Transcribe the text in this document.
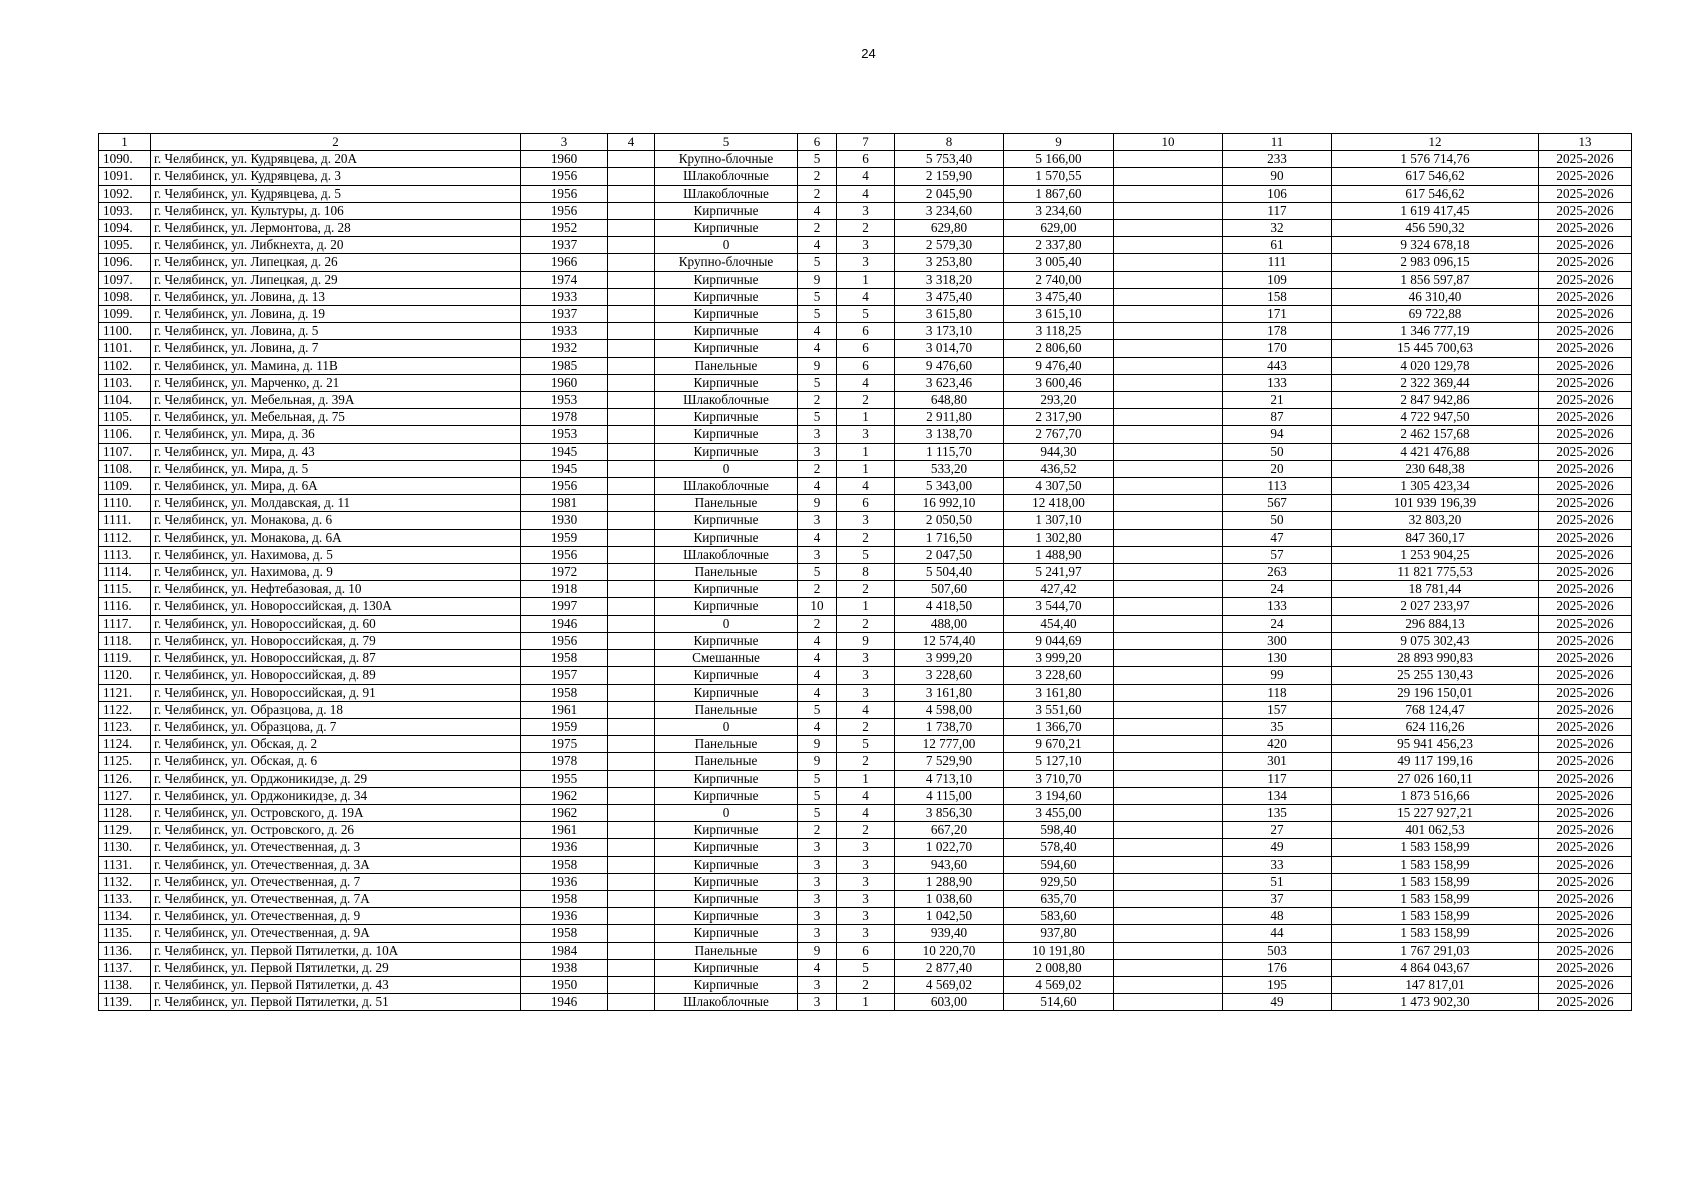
24
1	2	3	4	5	6	7	8	9	10	11	12	13
1090.	г. Челябинск, ул. Кудрявцева, д. 20А	1960		Крупно-блочные	5	6	5 753,40	5 166,00		233	1 576 714,76	2025-2026
1091.	г. Челябинск, ул. Кудрявцева, д. 3	1956		Шлакоблочные	2	4	2 159,90	1 570,55		90	617 546,62	2025-2026
1092.	г. Челябинск, ул. Кудрявцева, д. 5	1956		Шлакоблочные	2	4	2 045,90	1 867,60		106	617 546,62	2025-2026
1093.	г. Челябинск, ул. Культуры, д. 106	1956		Кирпичные	4	3	3 234,60	3 234,60		117	1 619 417,45	2025-2026
1094.	г. Челябинск, ул. Лермонтова, д. 28	1952		Кирпичные	2	2	629,80	629,00		32	456 590,32	2025-2026
1095.	г. Челябинск, ул. Либкнехта, д. 20	1937		0	4	3	2 579,30	2 337,80		61	9 324 678,18	2025-2026
1096.	г. Челябинск, ул. Липецкая, д. 26	1966		Крупно-блочные	5	3	3 253,80	3 005,40		111	2 983 096,15	2025-2026
1097.	г. Челябинск, ул. Липецкая, д. 29	1974		Кирпичные	9	1	3 318,20	2 740,00		109	1 856 597,87	2025-2026
1098.	г. Челябинск, ул. Ловина, д. 13	1933		Кирпичные	5	4	3 475,40	3 475,40		158	46 310,40	2025-2026
1099.	г. Челябинск, ул. Ловина, д. 19	1937		Кирпичные	5	5	3 615,80	3 615,10		171	69 722,88	2025-2026
1100.	г. Челябинск, ул. Ловина, д. 5	1933		Кирпичные	4	6	3 173,10	3 118,25		178	1 346 777,19	2025-2026
1101.	г. Челябинск, ул. Ловина, д. 7	1932		Кирпичные	4	6	3 014,70	2 806,60		170	15 445 700,63	2025-2026
1102.	г. Челябинск, ул. Мамина, д. 11В	1985		Панельные	9	6	9 476,60	9 476,40		443	4 020 129,78	2025-2026
1103.	г. Челябинск, ул. Марченко, д. 21	1960		Кирпичные	5	4	3 623,46	3 600,46		133	2 322 369,44	2025-2026
1104.	г. Челябинск, ул. Мебельная, д. 39А	1953		Шлакоблочные	2	2	648,80	293,20		21	2 847 942,86	2025-2026
1105.	г. Челябинск, ул. Мебельная, д. 75	1978		Кирпичные	5	1	2 911,80	2 317,90		87	4 722 947,50	2025-2026
1106.	г. Челябинск, ул. Мира, д. 36	1953		Кирпичные	3	3	3 138,70	2 767,70		94	2 462 157,68	2025-2026
1107.	г. Челябинск, ул. Мира, д. 43	1945		Кирпичные	3	1	1 115,70	944,30		50	4 421 476,88	2025-2026
1108.	г. Челябинск, ул. Мира, д. 5	1945		0	2	1	533,20	436,52		20	230 648,38	2025-2026
1109.	г. Челябинск, ул. Мира, д. 6А	1956		Шлакоблочные	4	4	5 343,00	4 307,50		113	1 305 423,34	2025-2026
1110.	г. Челябинск, ул. Молдавская, д. 11	1981		Панельные	9	6	16 992,10	12 418,00		567	101 939 196,39	2025-2026
1111.	г. Челябинск, ул. Монакова, д. 6	1930		Кирпичные	3	3	2 050,50	1 307,10		50	32 803,20	2025-2026
1112.	г. Челябинск, ул. Монакова, д. 6А	1959		Кирпичные	4	2	1 716,50	1 302,80		47	847 360,17	2025-2026
1113.	г. Челябинск, ул. Нахимова, д. 5	1956		Шлакоблочные	3	5	2 047,50	1 488,90		57	1 253 904,25	2025-2026
1114.	г. Челябинск, ул. Нахимова, д. 9	1972		Панельные	5	8	5 504,40	5 241,97		263	11 821 775,53	2025-2026
1115.	г. Челябинск, ул. Нефтебазовая, д. 10	1918		Кирпичные	2	2	507,60	427,42		24	18 781,44	2025-2026
1116.	г. Челябинск, ул. Новороссийская, д. 130А	1997		Кирпичные	10	1	4 418,50	3 544,70		133	2 027 233,97	2025-2026
1117.	г. Челябинск, ул. Новороссийская, д. 60	1946		0	2	2	488,00	454,40		24	296 884,13	2025-2026
1118.	г. Челябинск, ул. Новороссийская, д. 79	1956		Кирпичные	4	9	12 574,40	9 044,69		300	9 075 302,43	2025-2026
1119.	г. Челябинск, ул. Новороссийская, д. 87	1958		Смешанные	4	3	3 999,20	3 999,20		130	28 893 990,83	2025-2026
1120.	г. Челябинск, ул. Новороссийская, д. 89	1957		Кирпичные	4	3	3 228,60	3 228,60		99	25 255 130,43	2025-2026
1121.	г. Челябинск, ул. Новороссийская, д. 91	1958		Кирпичные	4	3	3 161,80	3 161,80		118	29 196 150,01	2025-2026
1122.	г. Челябинск, ул. Образцова, д. 18	1961		Панельные	5	4	4 598,00	3 551,60		157	768 124,47	2025-2026
1123.	г. Челябинск, ул. Образцова, д. 7	1959		0	4	2	1 738,70	1 366,70		35	624 116,26	2025-2026
1124.	г. Челябинск, ул. Обская, д. 2	1975		Панельные	9	5	12 777,00	9 670,21		420	95 941 456,23	2025-2026
1125.	г. Челябинск, ул. Обская, д. 6	1978		Панельные	9	2	7 529,90	5 127,10		301	49 117 199,16	2025-2026
1126.	г. Челябинск, ул. Орджоникидзе, д. 29	1955		Кирпичные	5	1	4 713,10	3 710,70		117	27 026 160,11	2025-2026
1127.	г. Челябинск, ул. Орджоникидзе, д. 34	1962		Кирпичные	5	4	4 115,00	3 194,60		134	1 873 516,66	2025-2026
1128.	г. Челябинск, ул. Островского, д. 19А	1962		0	5	4	3 856,30	3 455,00		135	15 227 927,21	2025-2026
1129.	г. Челябинск, ул. Островского, д. 26	1961		Кирпичные	2	2	667,20	598,40		27	401 062,53	2025-2026
1130.	г. Челябинск, ул. Отечественная, д. 3	1936		Кирпичные	3	3	1 022,70	578,40		49	1 583 158,99	2025-2026
1131.	г. Челябинск, ул. Отечественная, д. 3А	1958		Кирпичные	3	3	943,60	594,60		33	1 583 158,99	2025-2026
1132.	г. Челябинск, ул. Отечественная, д. 7	1936		Кирпичные	3	3	1 288,90	929,50		51	1 583 158,99	2025-2026
1133.	г. Челябинск, ул. Отечественная, д. 7А	1958		Кирпичные	3	3	1 038,60	635,70		37	1 583 158,99	2025-2026
1134.	г. Челябинск, ул. Отечественная, д. 9	1936		Кирпичные	3	3	1 042,50	583,60		48	1 583 158,99	2025-2026
1135.	г. Челябинск, ул. Отечественная, д. 9А	1958		Кирпичные	3	3	939,40	937,80		44	1 583 158,99	2025-2026
1136.	г. Челябинск, ул. Первой Пятилетки, д. 10А	1984		Панельные	9	6	10 220,70	10 191,80		503	1 767 291,03	2025-2026
1137.	г. Челябинск, ул. Первой Пятилетки, д. 29	1938		Кирпичные	4	5	2 877,40	2 008,80		176	4 864 043,67	2025-2026
1138.	г. Челябинск, ул. Первой Пятилетки, д. 43	1950		Кирпичные	3	2	4 569,02	4 569,02		195	147 817,01	2025-2026
1139.	г. Челябинск, ул. Первой Пятилетки, д. 51	1946		Шлакоблочные	3	1	603,00	514,60		49	1 473 902,30	2025-2026
